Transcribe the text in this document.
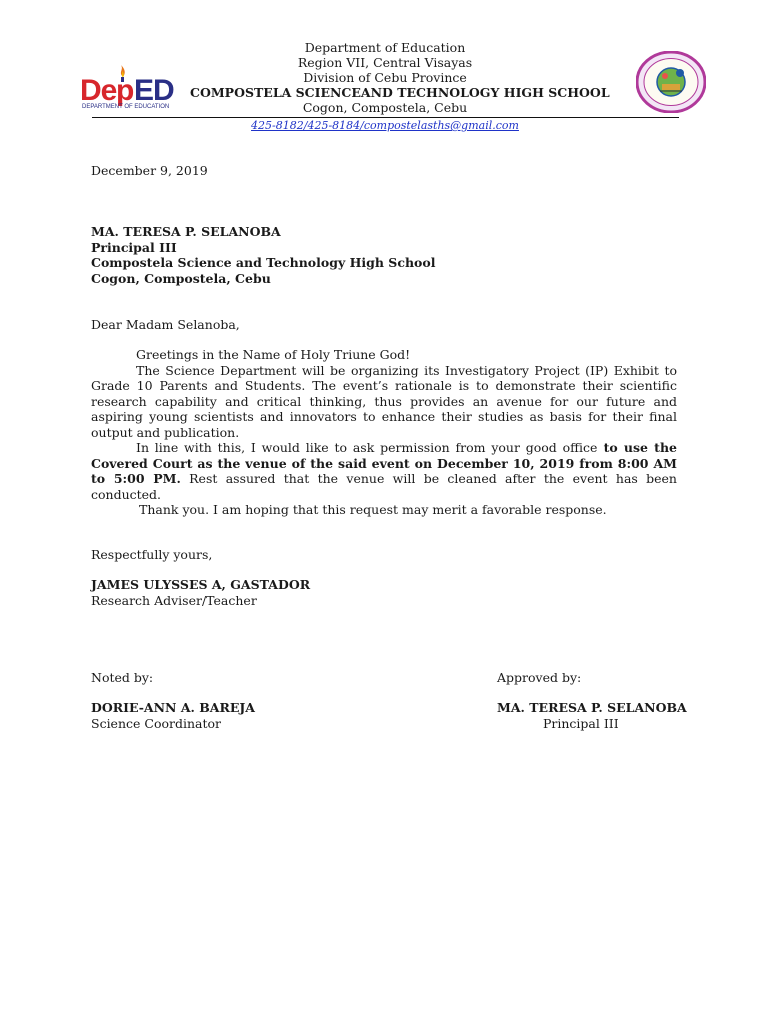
De p ED
DEPARTMENT OF EDUCATION
Department of Education
Region VII, Central Visayas
Division of Cebu Province
COMPOSTELA SCIENCEAND TECHNOLOGY HIGH SCHOOL
Cogon, Compostela, Cebu
425-8182/425-8184/compostelasths@gmail.com
December 9, 2019
MA. TERESA P. SELANOBA
Principal III
Compostela Science and Technology High School
Cogon, Compostela, Cebu
Dear Madam Selanoba,

Greetings in the Name of Holy Triune God!

The Science Department will be organizing its Investigatory Project (IP) Exhibit to Grade 10 Parents and Students. The event’s rationale is to demonstrate their scientific research capability and critical thinking, thus provides an avenue for our future and aspiring young scientists and innovators to enhance their studies as basis for their final output and publication.

In line with this, I would like to ask permission from your good office to use the Covered Court as the venue of the said event on December 10, 2019 from 8:00 AM to 5:00 PM. Rest assured that the venue will be cleaned after the event has been conducted.

Thank you. I am hoping that this request may merit a favorable response.

Respectfully yours,
JAMES ULYSSES A, GASTADOR
Research Adviser/Teacher
Noted by:
DORIE-ANN A. BAREJA
Science Coordinator
Approved by:
MA. TERESA P. SELANOBA
Principal III
